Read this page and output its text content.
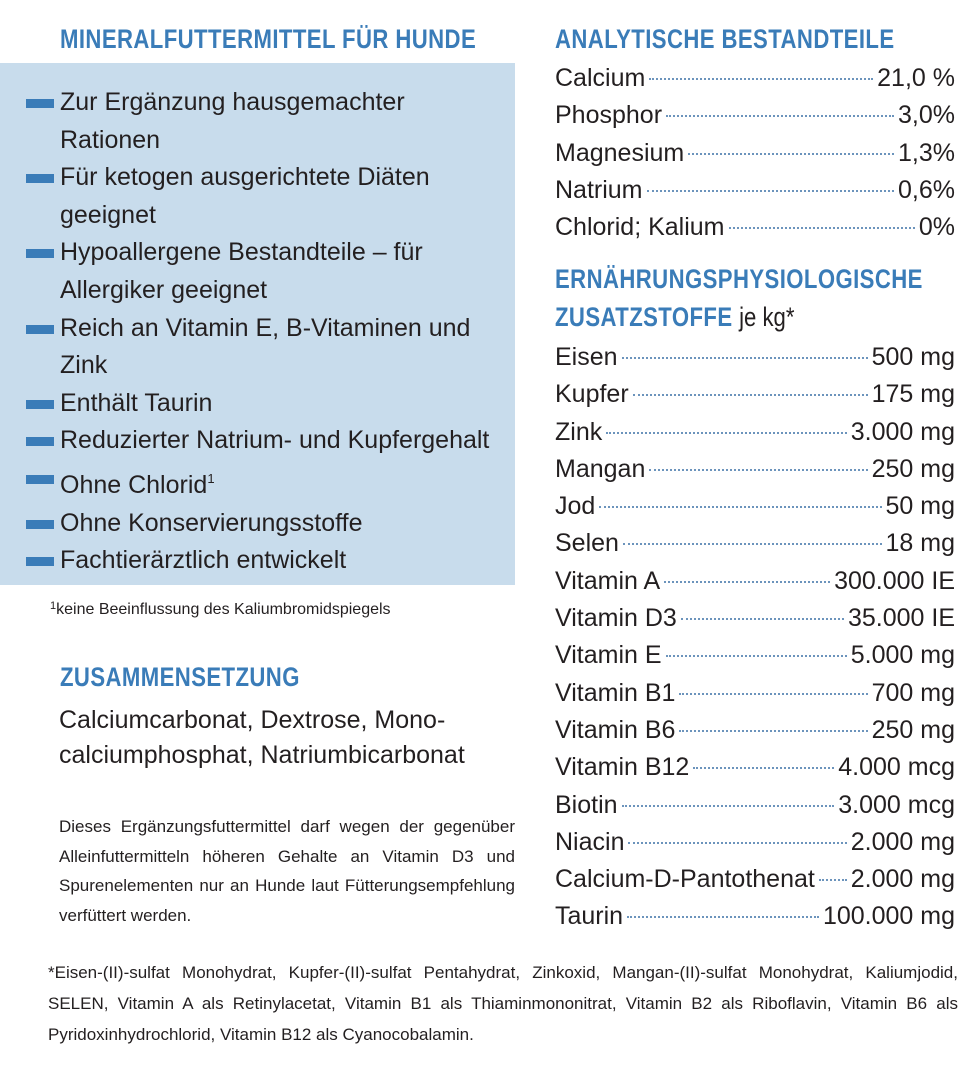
MINERALFUTTERMITTEL FÜR HUNDE
Zur Ergänzung hausgemachter Rationen
Für ketogen ausgerichtete Diäten geeignet
Hypoallergene Bestandteile – für Allergiker geeignet
Reich an Vitamin E, B-Vitaminen und Zink
Enthält Taurin
Reduzierter Natrium- und Kupfergehalt
Ohne Chlorid$^1$
Ohne Konservierungsstoffe
Fachtierärztlich entwickelt
$^1$keine Beeinflussung des Kaliumbromidspiegels
ZUSAMMENSETZUNG
Calciumcarbonat, Dextrose, Mono-
calciumphosphat, Natriumbicarbonat
Dieses Ergänzungsfuttermittel darf wegen der gegenüber Alleinfuttermitteln höheren Gehalte an Vitamin D3 und Spurenelementen nur an Hunde laut Fütterungsempfehlung verfüttert werden.
ANALYTISCHE BESTANDTEILE
Calcium	21,0 %
Phosphor	3,0%
Magnesium	1,3%
Natrium	0,6%
Chlorid; Kalium	0%
ERNÄHRUNGSPHYSIOLOGISCHE
ZUSATZSTOFFE je kg*
Eisen	500 mg
Kupfer	175 mg
Zink	3.000 mg
Mangan	250 mg
Jod	50 mg
Selen	18 mg
Vitamin A	300.000 IE
Vitamin D3	35.000 IE
Vitamin E	5.000 mg
Vitamin B1	700 mg
Vitamin B6	250 mg
Vitamin B12	4.000 mcg
Biotin	3.000 mcg
Niacin	2.000 mg
Calcium-D-Pantothenat 2.000 mg
Taurin	100.000 mg
*Eisen-(II)-sulfat Monohydrat, Kupfer-(II)-sulfat Pentahydrat, Zinkoxid, Mangan-(II)-sulfat Monohydrat, Kaliumjodid, SELEN, Vitamin A als Retinylacetat, Vitamin B1 als Thiaminmononitrat, Vitamin B2 als Riboflavin, Vitamin B6 als Pyridoxinhydrochlorid, Vitamin B12 als Cyanocobalamin.
